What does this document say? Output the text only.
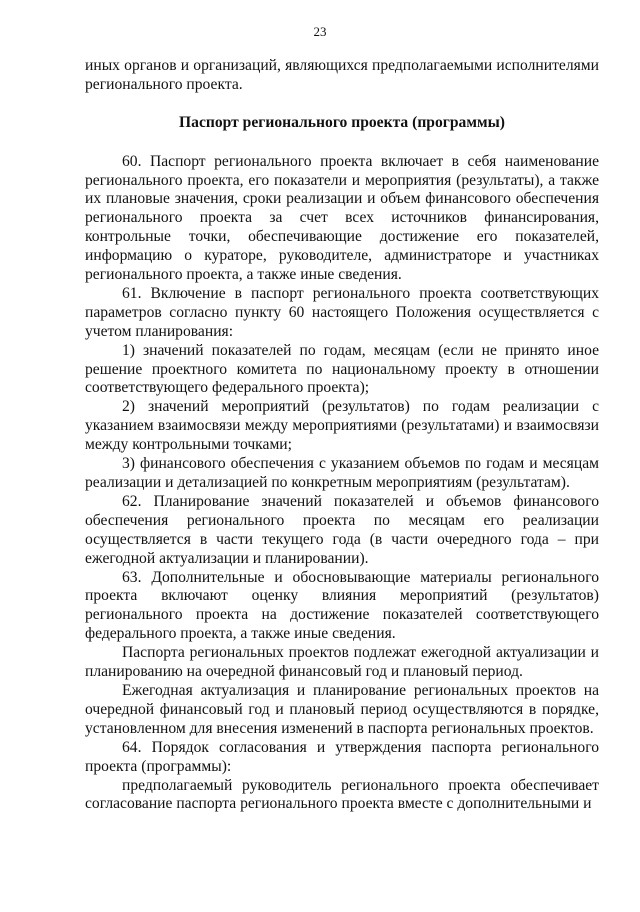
23

иных органов и организаций, являющихся предполагаемыми исполнителями регионального проекта.

Паспорт регионального проекта (программы)

60. Паспорт регионального проекта включает в себя наименование регионального проекта, его показатели и мероприятия (результаты), а также их плановые значения, сроки реализации и объем финансового обеспечения регионального проекта за счет всех источников финансирования, контрольные точки, обеспечивающие достижение его показателей, информацию о кураторе, руководителе, администраторе и участниках регионального проекта, а также иные сведения.

61. Включение в паспорт регионального проекта соответствующих параметров согласно пункту 60 настоящего Положения осуществляется с учетом планирования:

1) значений показателей по годам, месяцам (если не принято иное решение проектного комитета по национальному проекту в отношении соответствующего федерального проекта);

2) значений мероприятий (результатов) по годам реализации с указанием взаимосвязи между мероприятиями (результатами) и взаимосвязи между контрольными точками;

3) финансового обеспечения с указанием объемов по годам и месяцам реализации и детализацией по конкретным мероприятиям (результатам).

62. Планирование значений показателей и объемов финансового обеспечения регионального проекта по месяцам его реализации осуществляется в части текущего года (в части очередного года – при ежегодной актуализации и планировании).

63. Дополнительные и обосновывающие материалы регионального проекта включают оценку влияния мероприятий (результатов) регионального проекта на достижение показателей соответствующего федерального проекта, а также иные сведения.

Паспорта региональных проектов подлежат ежегодной актуализации и планированию на очередной финансовый год и плановый период.

Ежегодная актуализация и планирование региональных проектов на очередной финансовый год и плановый период осуществляются в порядке, установленном для внесения изменений в паспорта региональных проектов.

64. Порядок согласования и утверждения паспорта регионального проекта (программы):

предполагаемый руководитель регионального проекта обеспечивает согласование паспорта регионального проекта вместе с дополнительными и
